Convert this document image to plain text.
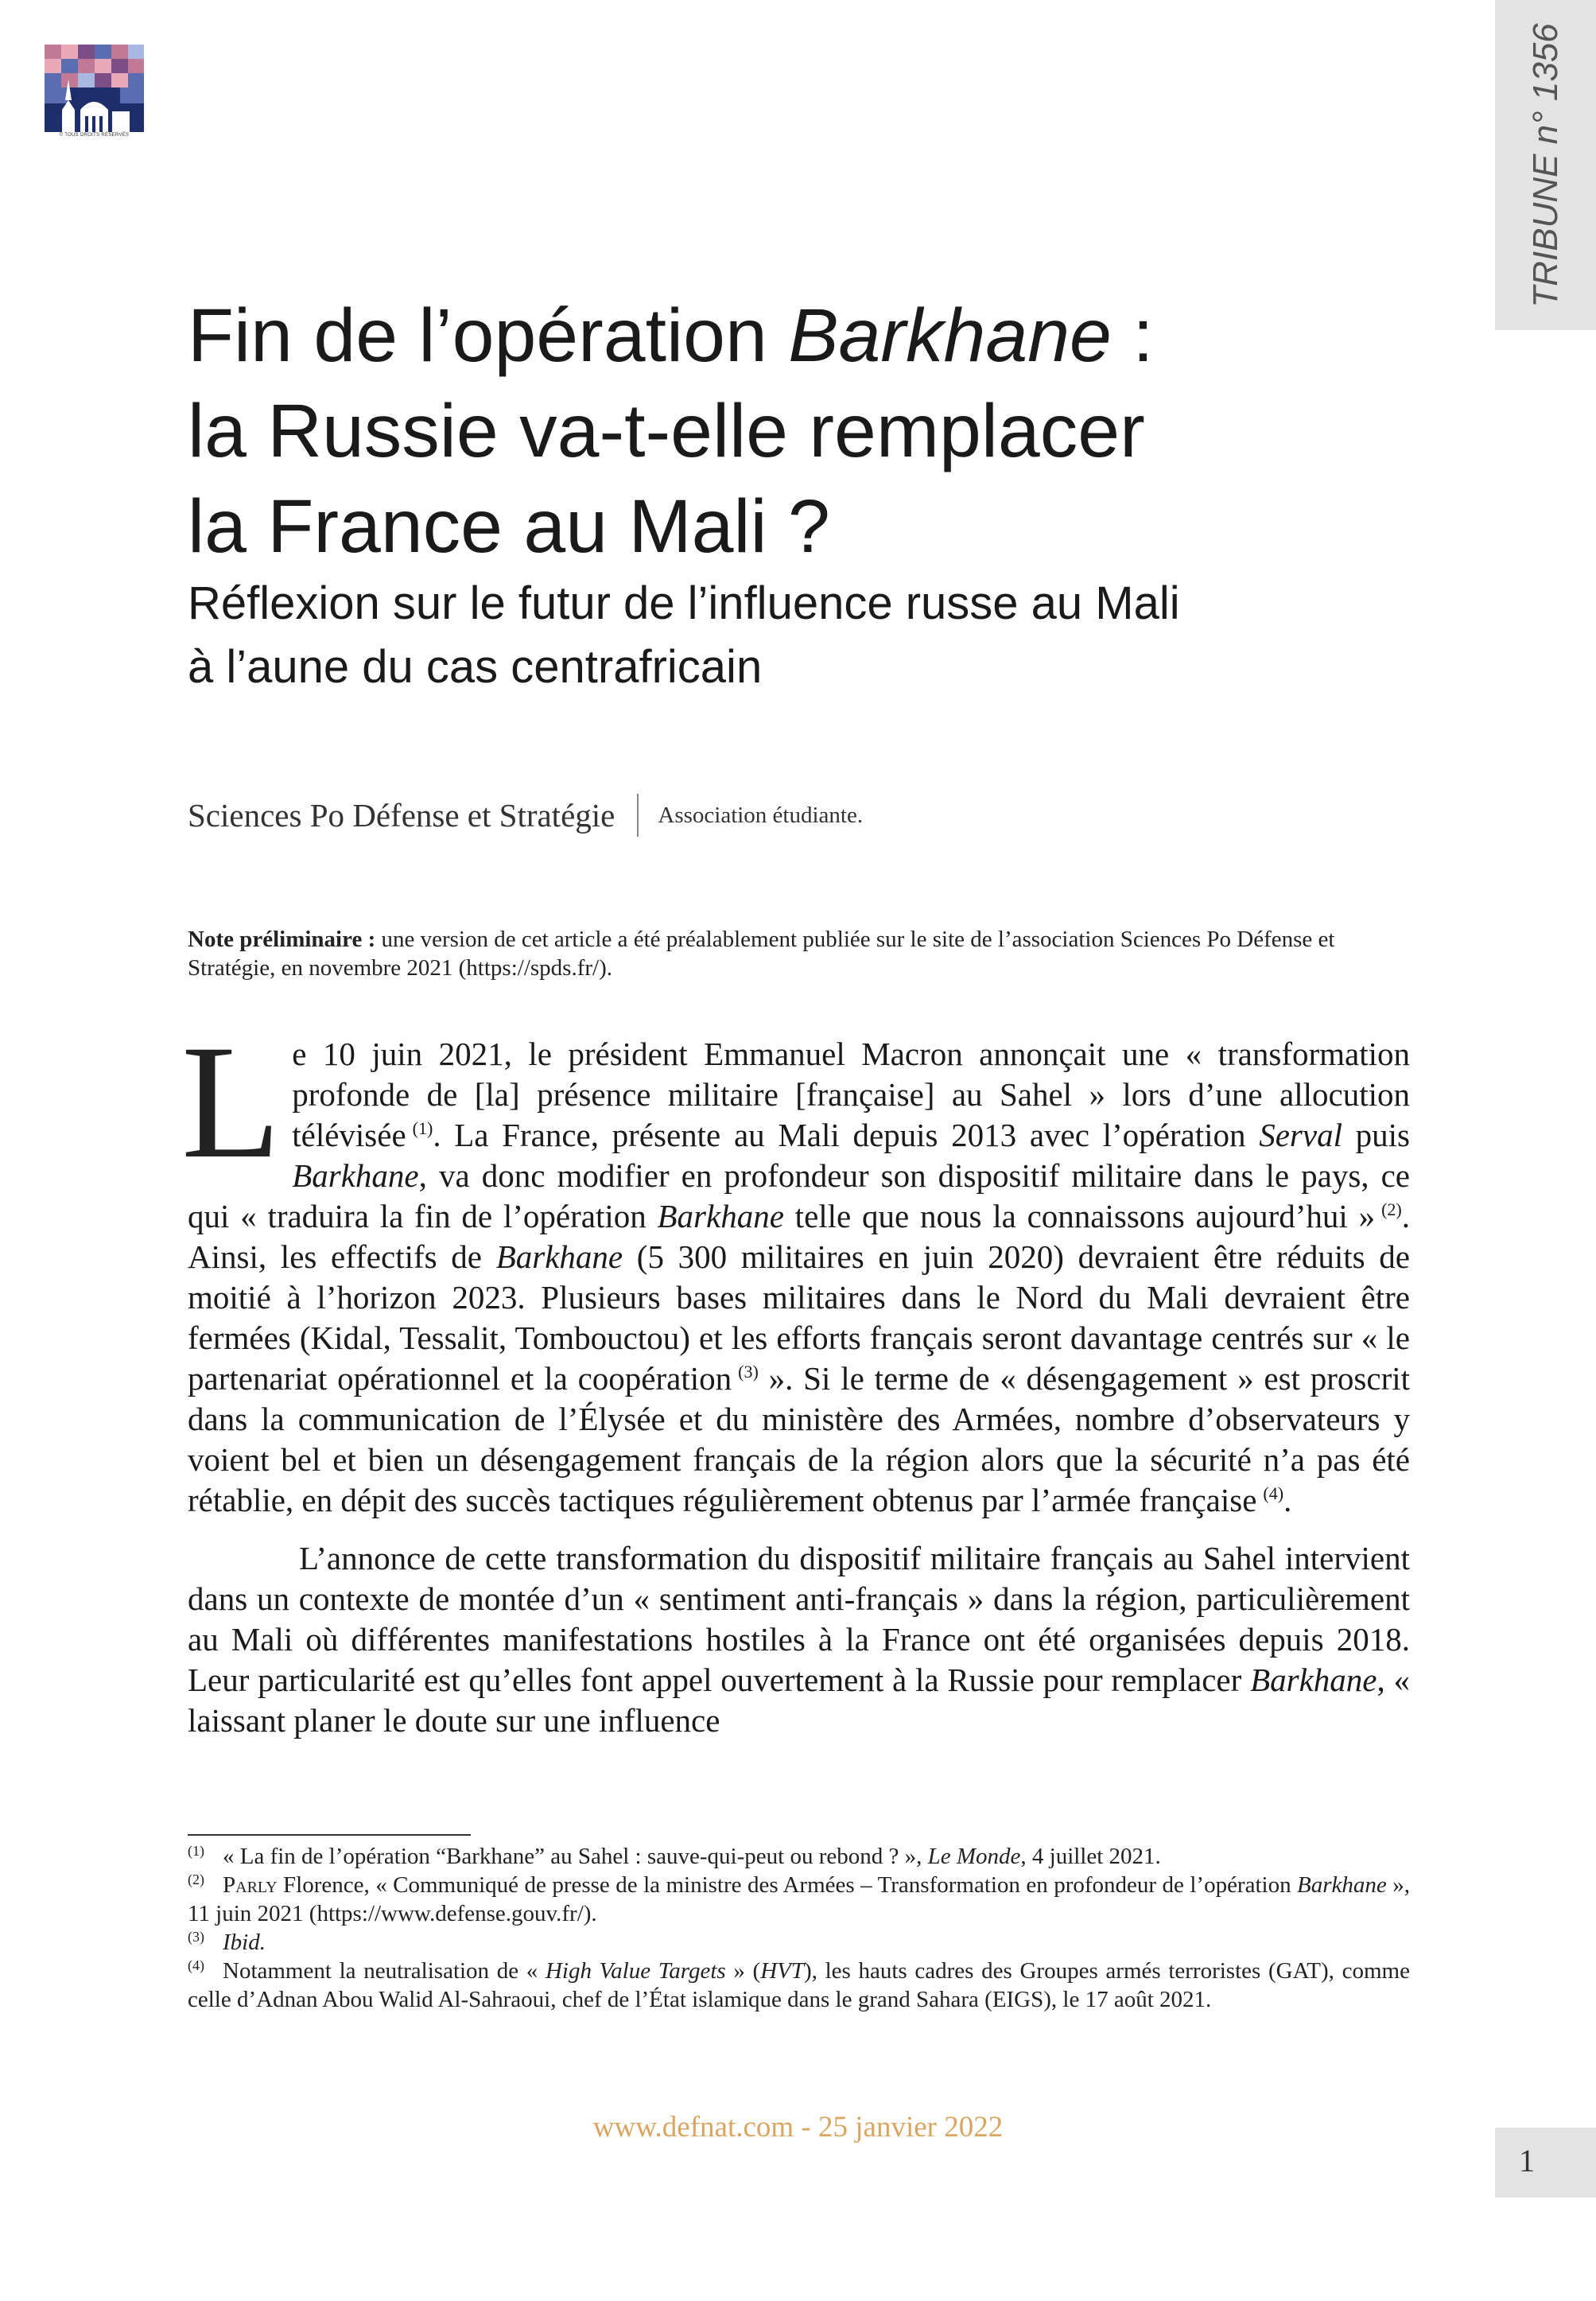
© TOUS DROITS RÉSERVÉS	TRIBUNE n° 1356
Fin de l’opération Barkhane :
la Russie va-t-elle remplacer
la France au Mali ?
Réflexion sur le futur de l’influence russe au Mali
à l’aune du cas centrafricain
Sciences Po Défense et Stratégie Association étudiante.

Note préliminaire : une version de cet article a été préalablement publiée sur le site de l’association Sciences Po Défense et Stratégie, en novembre 2021 (https://spds.fr/).

Le 10 juin 2021, le président Emmanuel Macron annonçait une « transformation profonde de [la] présence militaire [française] au Sahel » lors d’une allocution télévisée $^{(1)}$. La France, présente au Mali depuis 2013 avec l’opération Serval puis Barkhane, va donc modifier en profondeur son dispositif militaire dans le pays, ce qui « traduira la fin de l’opération Barkhane telle que nous la connaissons aujourd’hui » $^{(2)}$. Ainsi, les effectifs de Barkhane (5 300 militaires en juin 2020) devraient être réduits de moitié à l’horizon 2023. Plusieurs bases militaires dans le Nord du Mali devraient être fermées (Kidal, Tessalit, Tombouctou) et les efforts français seront davantage centrés sur « le partenariat opérationnel et la coopération $^{(3)}$ ». Si le terme de « désengagement » est proscrit dans la communication de l’Élysée et du ministère des Armées, nombre d’observateurs y voient bel et bien un désengagement français de la région alors que la sécurité n’a pas été rétablie, en dépit des succès tactiques régulièrement obtenus par l’armée française $^{(4)}$.

L’annonce de cette transformation du dispositif militaire français au Sahel intervient dans un contexte de montée d’un « sentiment anti-français » dans la région, particulièrement au Mali où différentes manifestations hostiles à la France ont été organisées depuis 2018. Leur particularité est qu’elles font appel ouvertement à la Russie pour remplacer Barkhane, « laissant planer le doute sur une influence

(1) « La fin de l’opération “Barkhane” au Sahel : sauve-qui-peut ou rebond ? », Le Monde, 4 juillet 2021.

(2) Parly Florence, « Communiqué de presse de la ministre des Armées – Transformation en profondeur de l’opération Barkhane », 11 juin 2021 (https://www.defense.gouv.fr/).

(3) Ibid.

(4) Notamment la neutralisation de « High Value Targets » (HVT), les hauts cadres des Groupes armés terroristes (GAT), comme celle d’Adnan Abou Walid Al-Sahraoui, chef de l’État islamique dans le grand Sahara (EIGS), le 17 août 2021.

www.defnat.com - 25 janvier 2022
1
